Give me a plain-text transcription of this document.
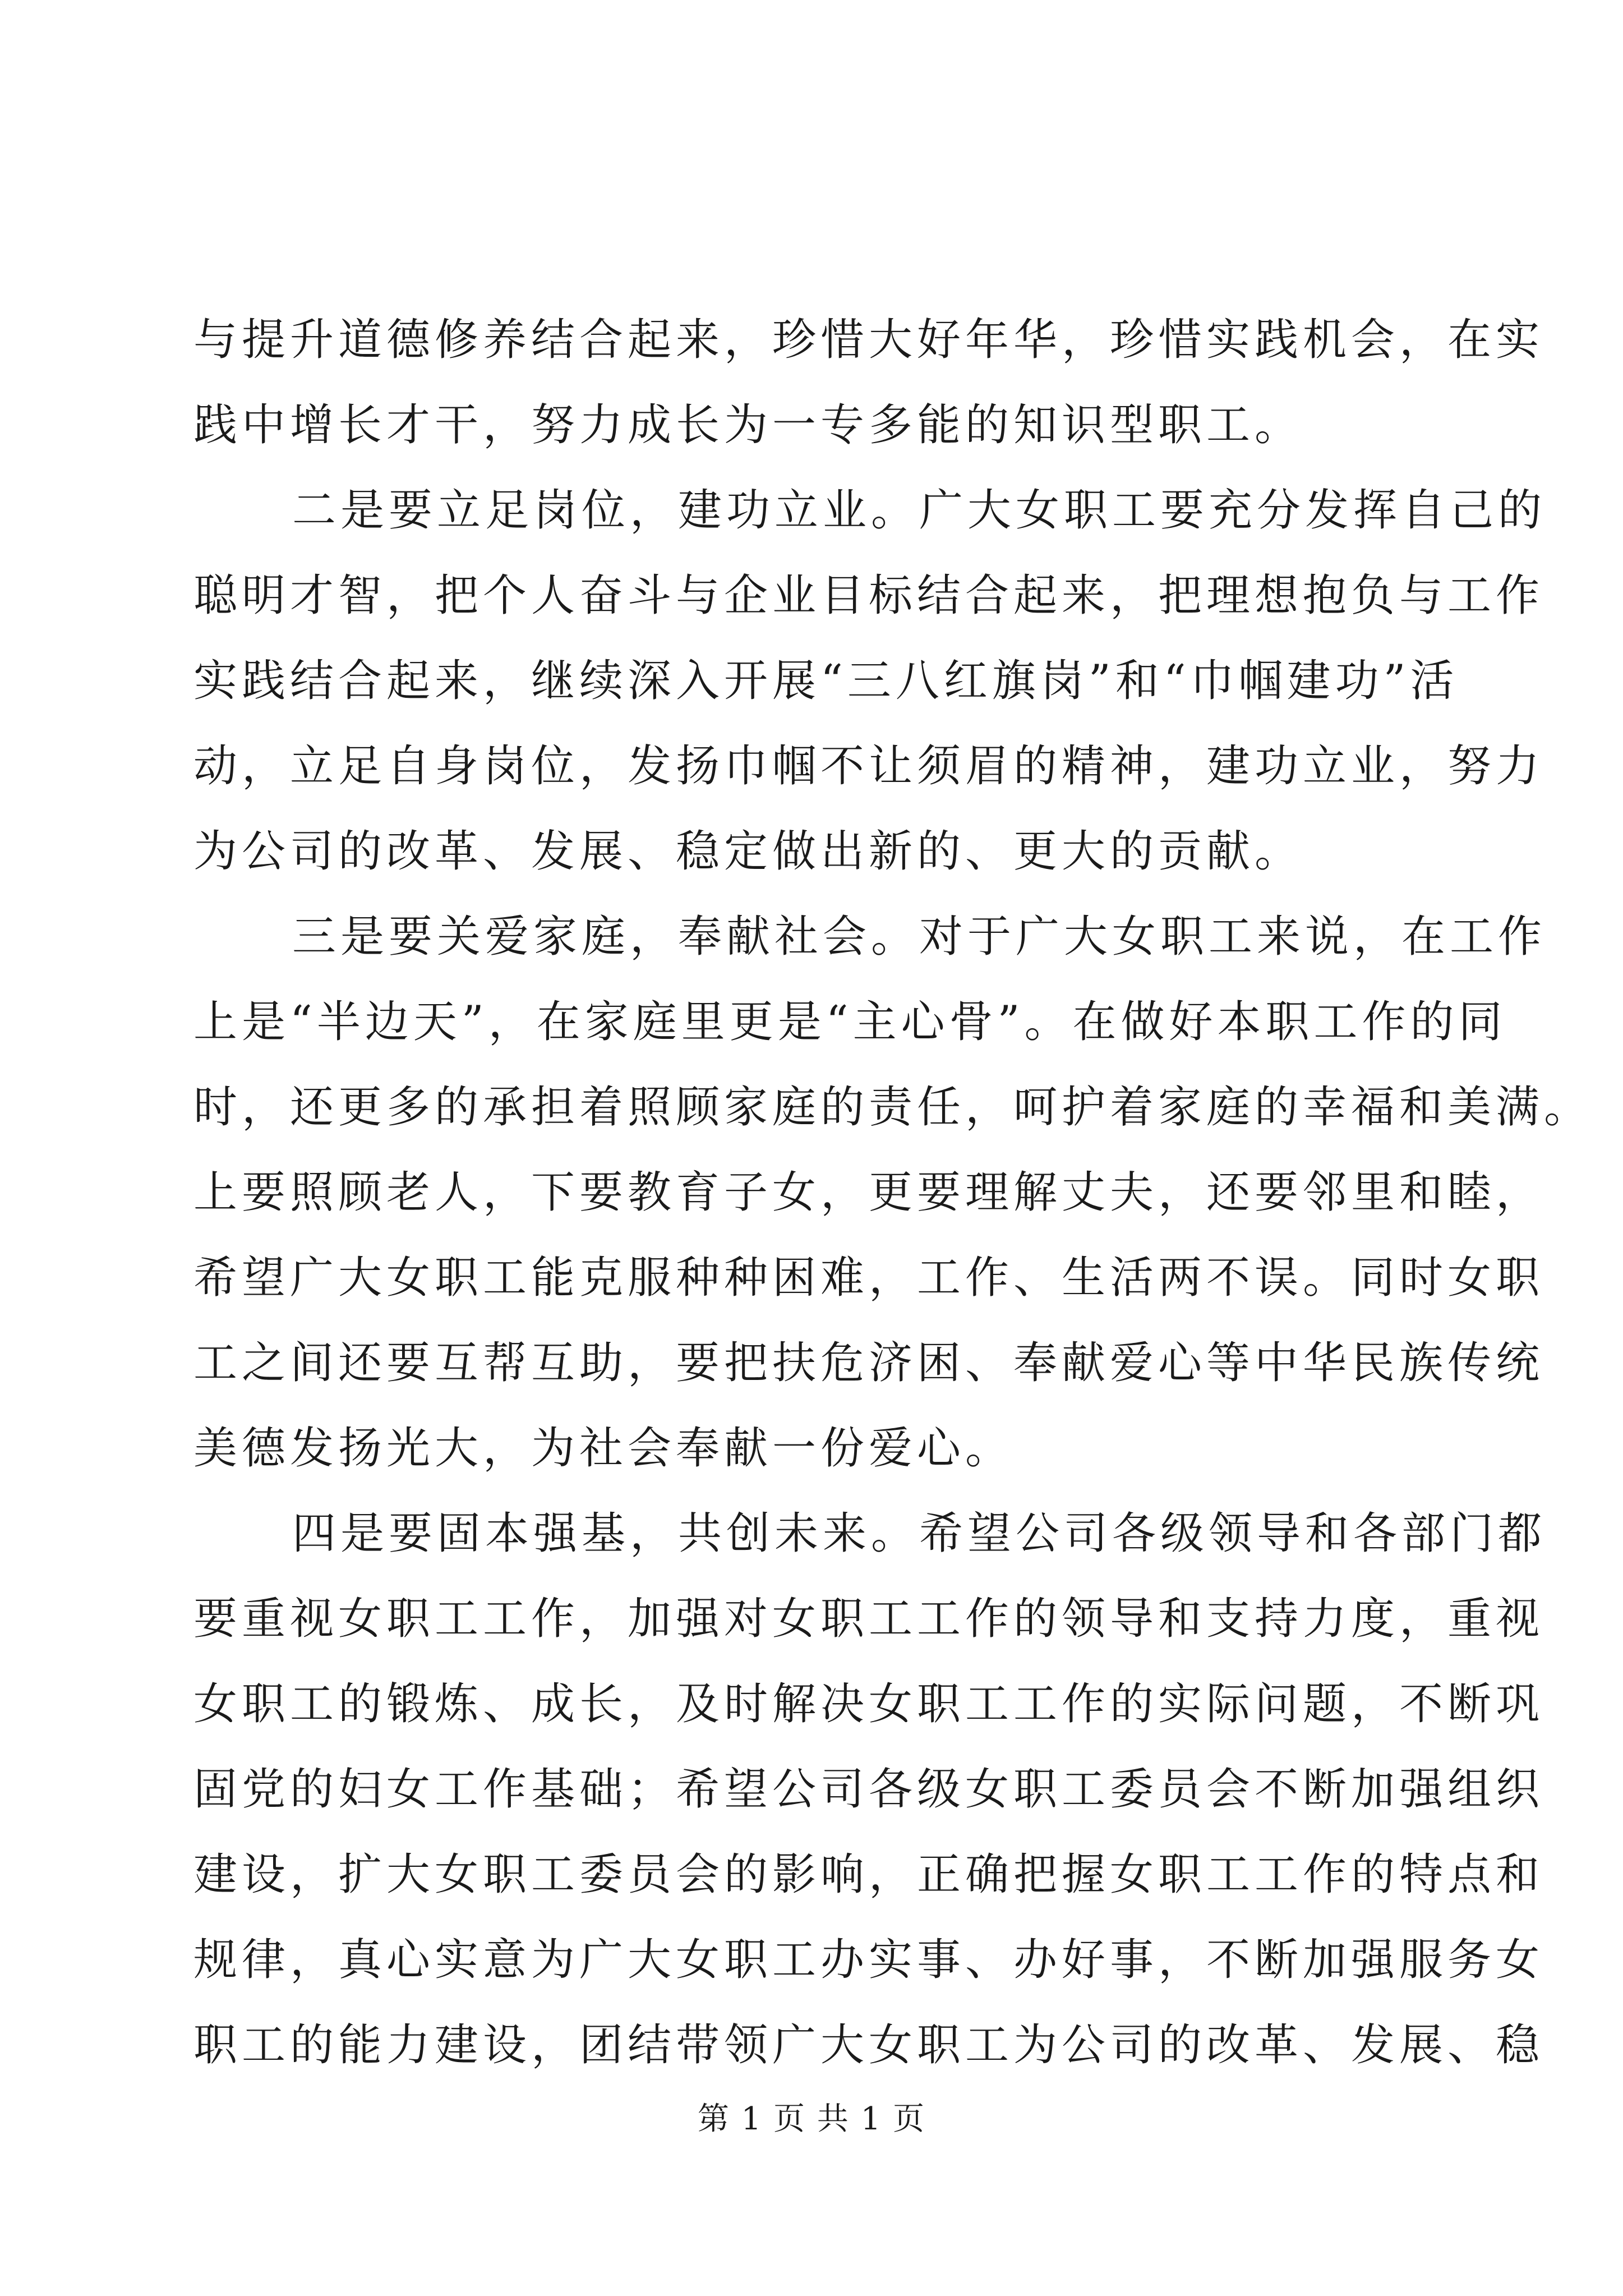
与提升道德修养结合起来，珍惜大好年华，珍惜实践机会，在实
践中增长才干，努力成长为一专多能的知识型职工。
二是要立足岗位，建功立业。广大女职工要充分发挥自己的
聪明才智，把个人奋斗与企业目标结合起来，把理想抱负与工作
实践结合起来，继续深入开展“三八红旗岗”和“巾帼建功”活
动，立足自身岗位，发扬巾帼不让须眉的精神，建功立业，努力
为公司的改革、发展、稳定做出新的、更大的贡献。
三是要关爱家庭，奉献社会。对于广大女职工来说，在工作
上是“半边天”，在家庭里更是“主心骨”。在做好本职工作的同
时，还更多的承担着照顾家庭的责任，呵护着家庭的幸福和美满。
上要照顾老人，下要教育子女，更要理解丈夫，还要邻里和睦，
希望广大女职工能克服种种困难，工作、生活两不误。同时女职
工之间还要互帮互助，要把扶危济困、奉献爱心等中华民族传统
美德发扬光大，为社会奉献一份爱心。
四是要固本强基，共创未来。希望公司各级领导和各部门都
要重视女职工工作，加强对女职工工作的领导和支持力度，重视
女职工的锻炼、成长，及时解决女职工工作的实际问题，不断巩
固党的妇女工作基础；希望公司各级女职工委员会不断加强组织
建设，扩大女职工委员会的影响，正确把握女职工工作的特点和
规律，真心实意为广大女职工办实事、办好事，不断加强服务女
职工的能力建设，团结带领广大女职工为公司的改革、发展、稳
第 1 页 共 1 页
